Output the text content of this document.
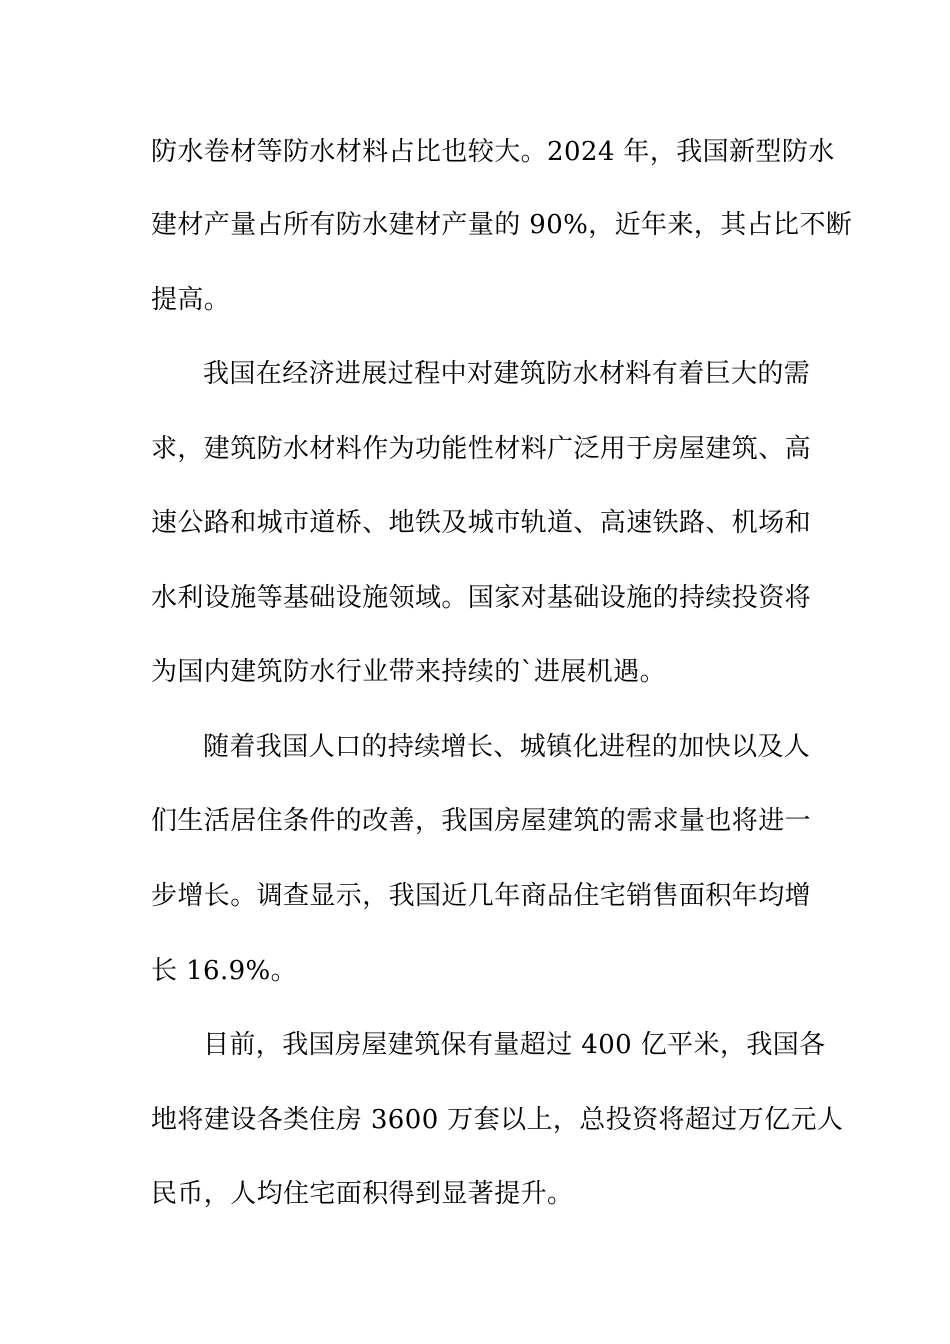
防水卷材等防水材料占比也较大。2024 年，我国新型防水
建材产量占所有防水建材产量的 90%，近年来，其占比不断
提高。
我国在经济进展过程中对建筑防水材料有着巨大的需
求，建筑防水材料作为功能性材料广泛用于房屋建筑、高
速公路和城市道桥、地铁及城市轨道、高速铁路、机场和
水利设施等基础设施领域。国家对基础设施的持续投资将
为国内建筑防水行业带来持续的`进展机遇。
随着我国人口的持续增长、城镇化进程的加快以及人
们生活居住条件的改善，我国房屋建筑的需求量也将进一
步增长。调查显示，我国近几年商品住宅销售面积年均增
长 16.9%。
目前，我国房屋建筑保有量超过 400 亿平米，我国各
地将建设各类住房 3600 万套以上，总投资将超过万亿元人
民币，人均住宅面积得到显著提升。
